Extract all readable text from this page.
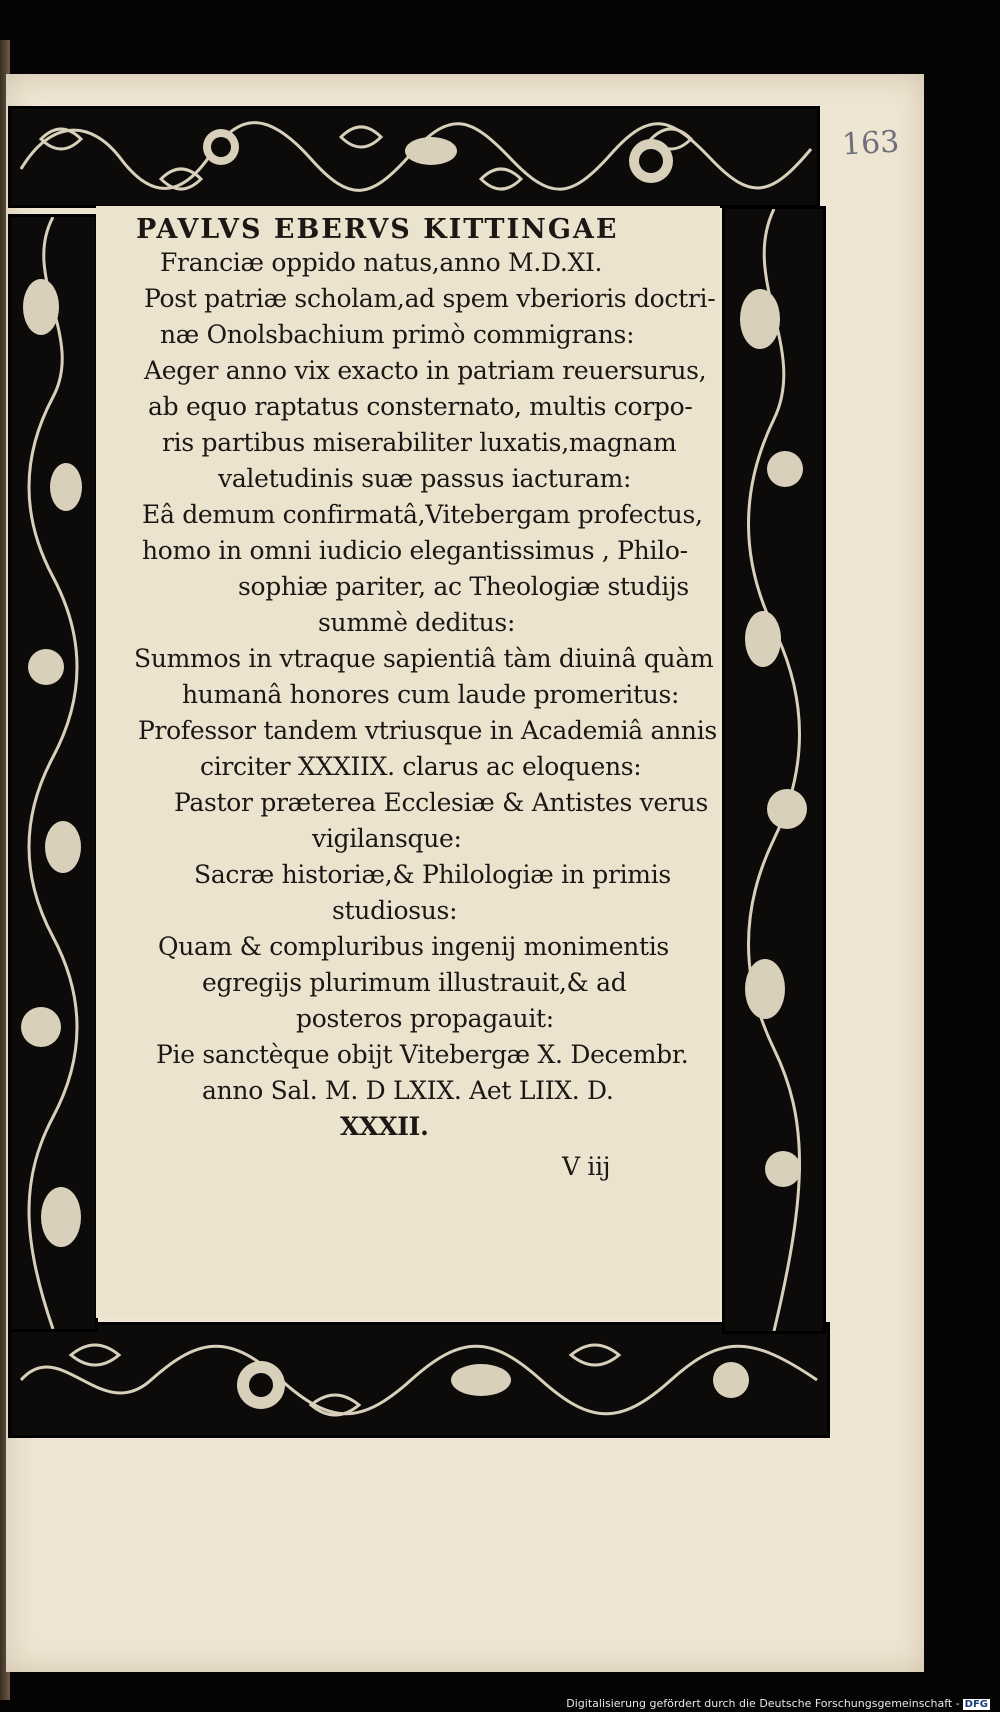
163
PAVLVS EBERVS KITTINGAE
Franciæ oppido natus,anno M.D.XI.
Post patriæ scholam,ad spem vberioris doctri-
næ Onolsbachium primò commigrans:
Aeger anno vix exacto in patriam reuersurus,
ab equo raptatus consternato, multis corpo-
ris partibus miserabiliter luxatis,magnam
valetudinis suæ passus iacturam:
Eâ demum confirmatâ,Vitebergam profectus,
homo in omni iudicio elegantissimus , Philo-
sophiæ pariter, ac Theologiæ studijs
summè deditus:
Summos in vtraque sapientiâ tàm diuinâ quàm
humanâ honores cum laude promeritus:
Professor tandem vtriusque in Academiâ annis
circiter XXXIIX. clarus ac eloquens:
Pastor præterea Ecclesiæ & Antistes verus
vigilansque:
Sacræ historiæ,& Philologiæ in primis
studiosus:
Quam & compluribus ingenij monimentis
egregijs plurimum illustrauit,& ad
posteros propagauit:
Pie sanctèque obijt Vitebergæ X. Decembr.
anno Sal. M. D LXIX. Aet LIIX. D.
XXXII.
V iij
Digitalisierung gefördert durch die Deutsche Forschungsgemeinschaft - DFG
